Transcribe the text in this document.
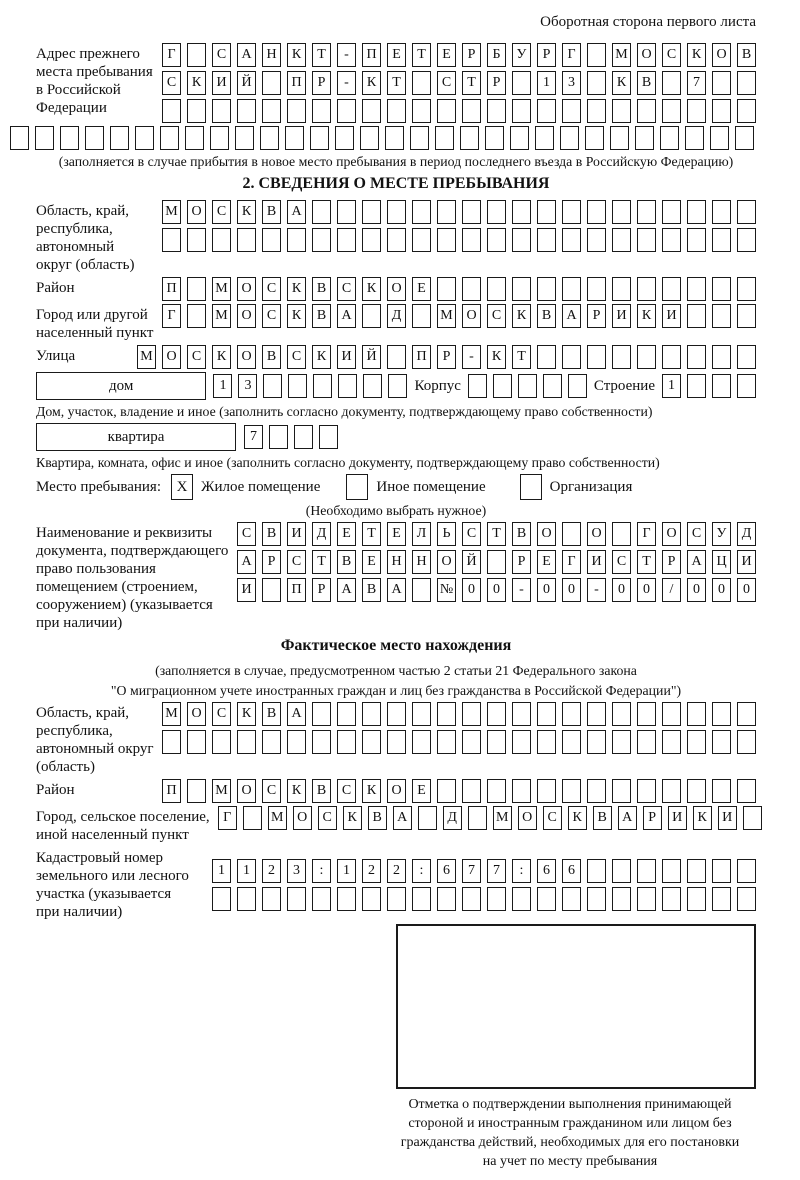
Оборотная сторона первого листа
Адрес прежнего
места пребывания
в Российской
Федерации
Г	С	А	Н	К	Т	-	П	Е	Т	Е	Р	Б	У	Р	Г	М О	С	К	О	В
С	К	И	Й	П	Р	-	К	Т	С	Т	Р	1	3	К	В	7
(заполняется в случае прибытия в новое место пребывания в период последнего въезда в Российскую Федерацию)
2. СВЕДЕНИЯ О МЕСТЕ ПРЕБЫВАНИЯ
Область, край,
республика,
автономный
округ (область)
М О	С	К	В	А
Район	П	М О	С	К	В	С	К	О	Е
Город или другой
населенный пункт
Г	М О	С	К	В	А	Д	М О	С	К	В	А	Р	И	К	И
Улица	М О	С	К	О	В	С	К	И	Й	П	Р	-	К	Т
дом	1	3	Корпус	Строение 1
Дом, участок, владение и иное (заполнить согласно документу, подтверждающему право собственности)
квартира	7
Квартира, комната, офис и иное (заполнить согласно документу, подтверждающему право собственности)
Место пребывания:	X Жилое помещение	Иное помещение	Организация
(Необходимо выбрать нужное)
Наименование и реквизиты
документа, подтверждающего
право пользования
помещением (строением,
сооружением) (указывается
при наличии)
С	В	И	Д	Е	Т	Е	Л	Ь	С	Т	В	О	О	Г	О	С	У	Д
А	Р	С	Т	В	Е	Н	Н	О	Й	Р	Е	Г	И	С	Т	Р	А	Ц	И
И	П	Р	А	В	А	№	0	0	-	0	0	-	0	0	/	0	0	0
Фактическое место нахождения
(заполняется в случае, предусмотренном частью 2 статьи 21 Федерального закона
"О миграционном учете иностранных граждан и лиц без гражданства в Российской Федерации")
Область, край,
республика,
автономный округ
(область)
М О	С	К	В	А
Район	П	М О	С	К	В	С	К	О	Е
Город, сельское поселение,
иной населенный пункт
Г	М О	С	К	В	А	Д	М О	С	К	В	А	Р	И	К	И
Кадастровый номер
земельного или лесного
участка (указывается
при наличии)
1	1	2	3	:	1	2	2	:	6	7	7	:	6	6
Отметка о подтверждении выполнения принимающей
стороной и иностранным гражданином или лицом без
гражданства действий, необходимых для его постановки
на учет по месту пребывания
